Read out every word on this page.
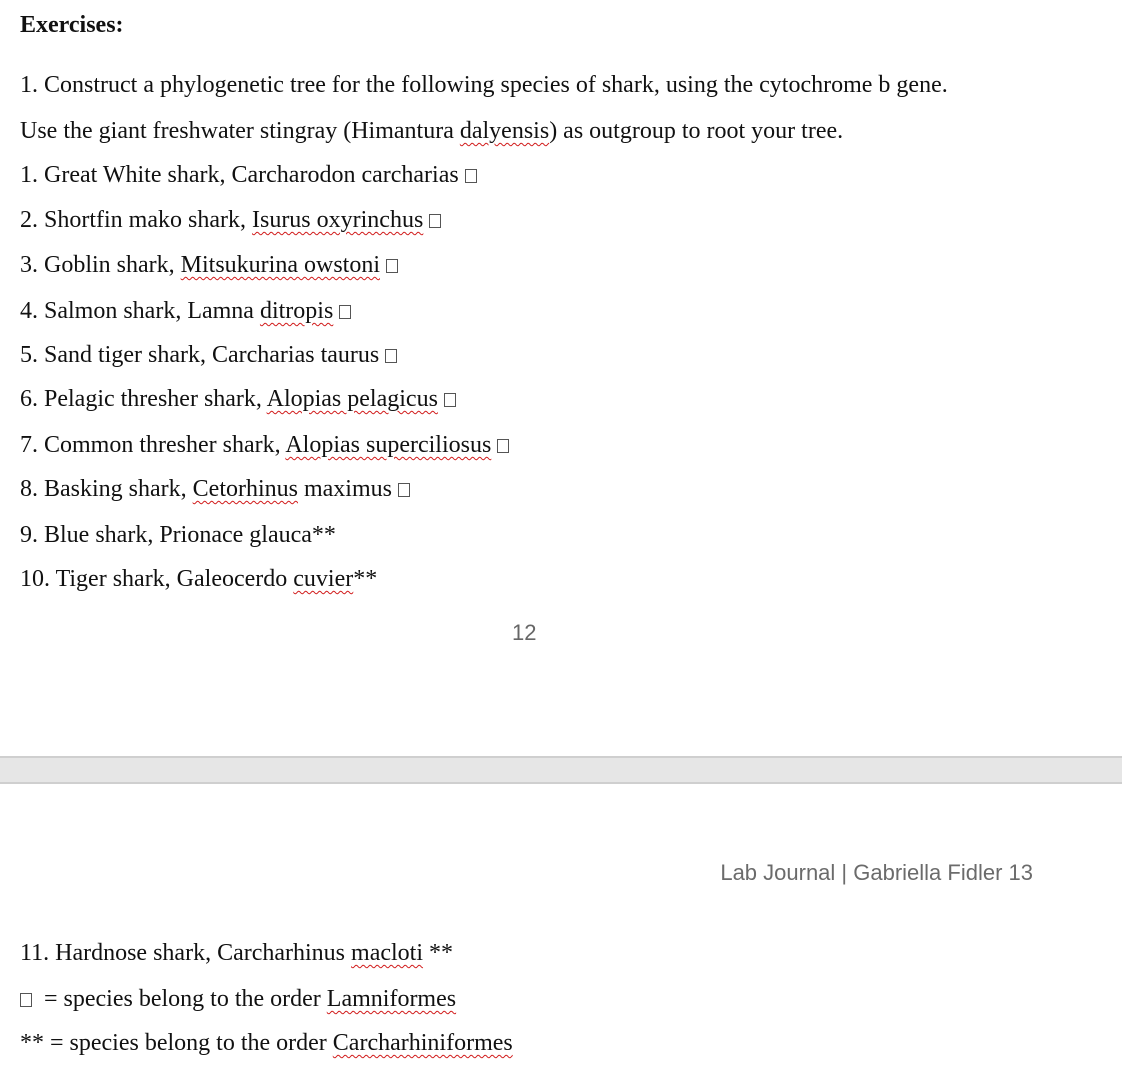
Exercises:
1. Construct a phylogenetic tree for the following species of shark, using the cytochrome b gene.
Use the giant freshwater stingray (Himantura dalyensis) as outgroup to root your tree.
1. Great White shark, Carcharodon carcharias
2. Shortfin mako shark, Isurus oxyrinchus
3. Goblin shark, Mitsukurina owstoni
4. Salmon shark, Lamna ditropis
5. Sand tiger shark, Carcharias taurus
6. Pelagic thresher shark, Alopias pelagicus
7. Common thresher shark, Alopias superciliosus
8. Basking shark, Cetorhinus maximus
9. Blue shark, Prionace glauca**
10. Tiger shark, Galeocerdo cuvier**
12
Lab Journal | Gabriella Fidler 13
11. Hardnose shark, Carcharhinus macloti **
= species belong to the order Lamniformes
** = species belong to the order Carcharhiniformes
